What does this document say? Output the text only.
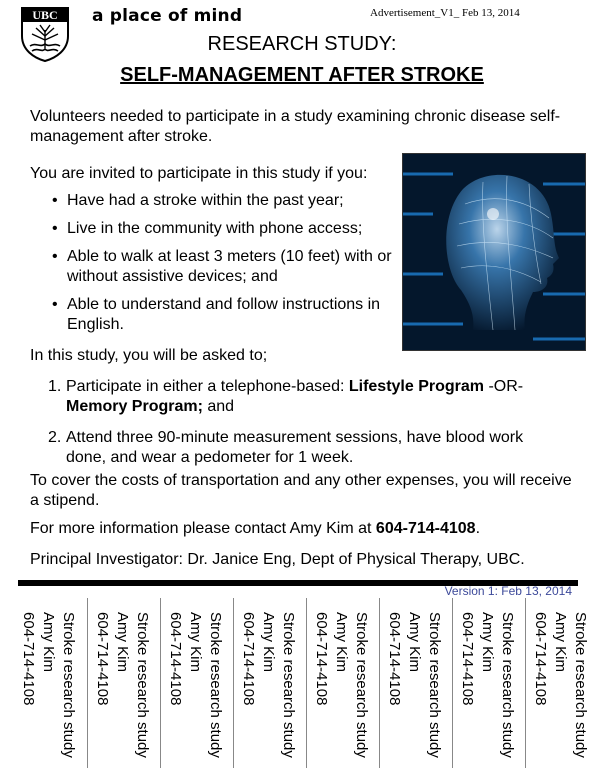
UBC a place of mind	Advertisement_V1_ Feb 13, 2014
RESEARCH STUDY:
SELF-MANAGEMENT AFTER STROKE

Volunteers needed to participate in a study examining chronic disease self-management after stroke.

You are invited to participate in this study if you:

• Have had a stroke within the past year;
• Live in the community with phone access;
• Able to walk at least 3 meters (10 feet) with or without assistive devices; and
• Able to understand and follow instructions in English.

In this study, you will be asked to;

1. Participate in either a telephone-based: Lifestyle Program -OR- Memory Program; and
2. Attend three 90-minute measurement sessions, have blood work done, and wear a pedometer for 1 week.

To cover the costs of transportation and any other expenses, you will receive a stipend.

For more information please contact Amy Kim at 604-714-4108.

Principal Investigator: Dr. Janice Eng, Dept of Physical Therapy, UBC.

Version 1: Feb 13, 2014
Stroke research study
Amy Kim
604-714-4108	Stroke research study
Amy Kim
604-714-4108	Stroke research study
Amy Kim
604-714-4108	Stroke research study
Amy Kim
604-714-4108	Stroke research study
Amy Kim
604-714-4108	Stroke research study
Amy Kim
604-714-4108	Stroke research study
Amy Kim
604-714-4108	Stroke research study
Amy Kim
604-714-4108
